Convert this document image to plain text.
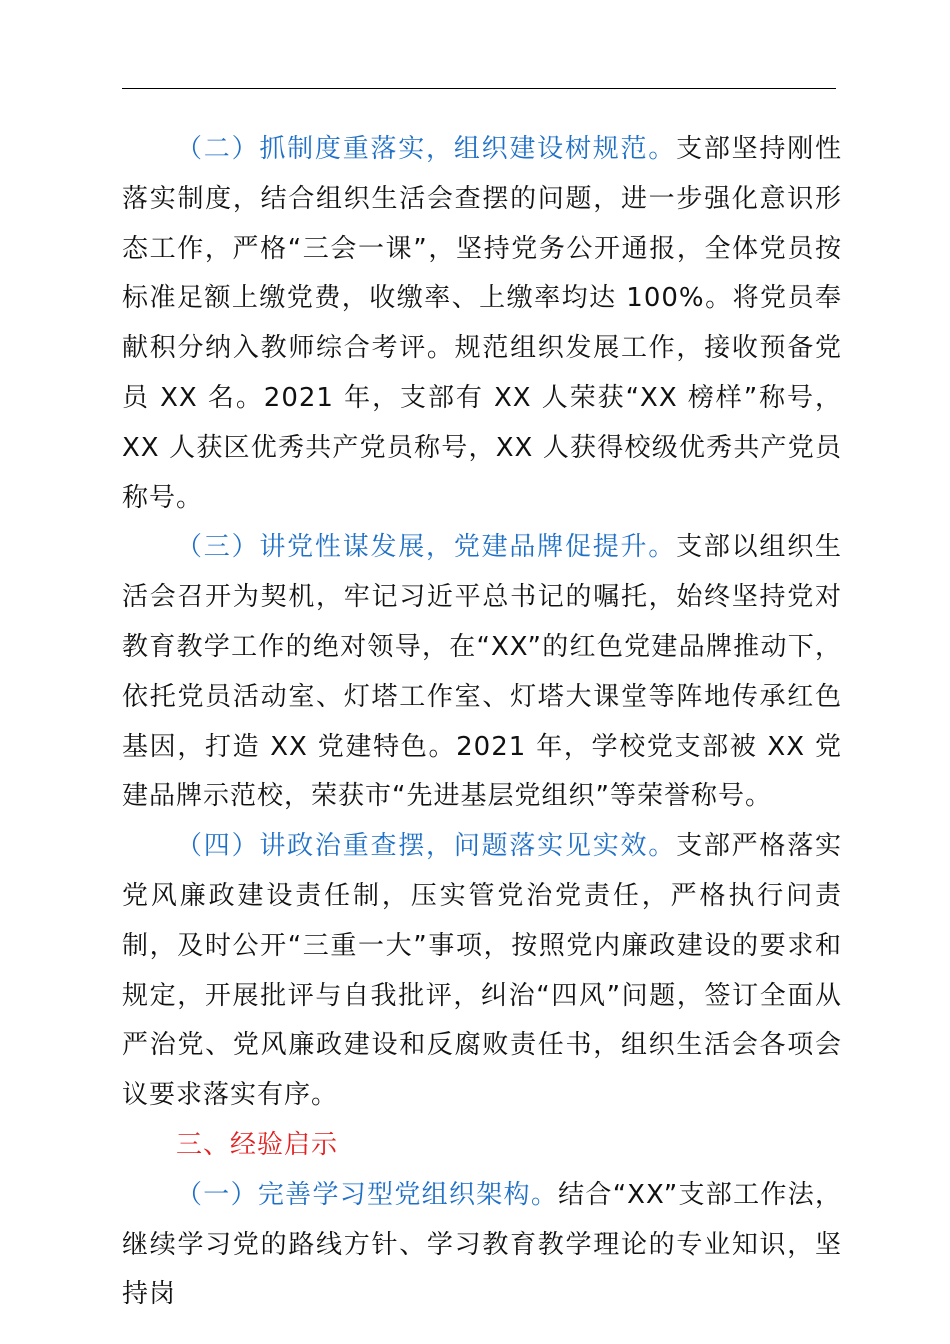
（二）抓制度重落实，组织建设树规范。支部坚持刚性落实制度，结合组织生活会查摆的问题，进一步强化意识形态工作，严格“三会一课”，坚持党务公开通报，全体党员按标准足额上缴党费，收缴率、上缴率均达 100%。将党员奉献积分纳入教师综合考评。规范组织发展工作，接收预备党员 XX 名。2021 年，支部有 XX 人荣获“XX 榜样”称号，XX 人获区优秀共产党员称号，XX 人获得校级优秀共产党员称号。

（三）讲党性谋发展，党建品牌促提升。支部以组织生活会召开为契机，牢记习近平总书记的嘱托，始终坚持党对教育教学工作的绝对领导，在“XX”的红色党建品牌推动下，依托党员活动室、灯塔工作室、灯塔大课堂等阵地传承红色基因，打造 XX 党建特色。2021 年，学校党支部被 XX 党建品牌示范校，荣获市“先进基层党组织”等荣誉称号。

（四）讲政治重查摆，问题落实见实效。支部严格落实党风廉政建设责任制，压实管党治党责任，严格执行问责制，及时公开“三重一大”事项，按照党内廉政建设的要求和规定，开展批评与自我批评，纠治“四风”问题，签订全面从严治党、党风廉政建设和反腐败责任书，组织生活会各项会议要求落实有序。

三、经验启示

（一）完善学习型党组织架构。结合“XX”支部工作法，继续学习党的路线方针、学习教育教学理论的专业知识，坚持岗
